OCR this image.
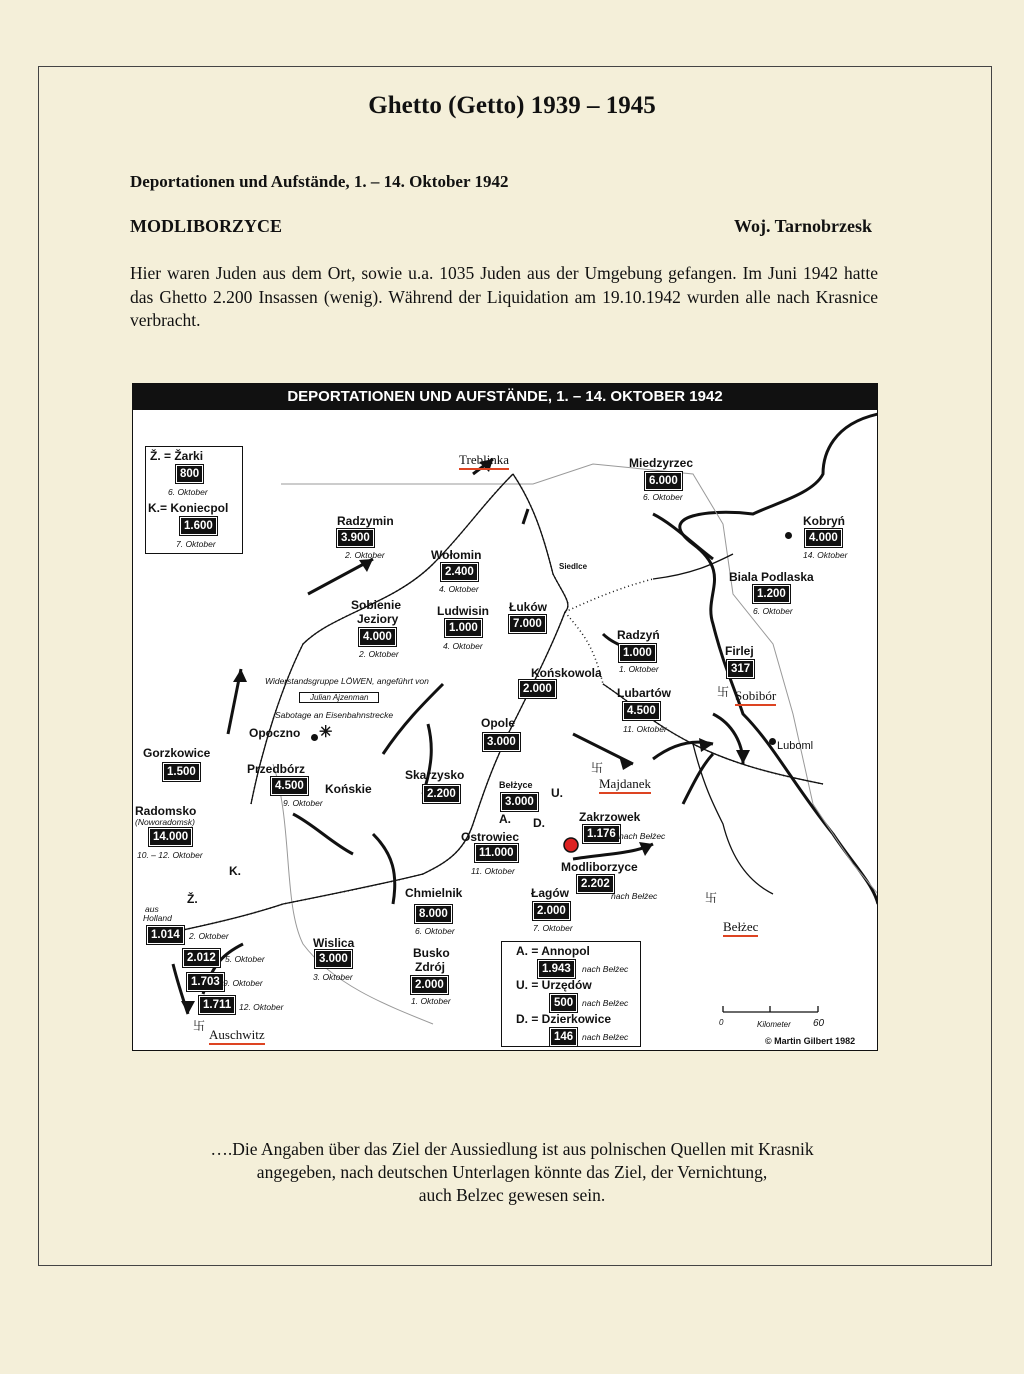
Ghetto (Getto) 1939 – 1945
Deportationen und Aufstände, 1. – 14. Oktober 1942
MODLIBORZYCE	Woj. Tarnobrzesk
Hier waren Juden aus dem Ort, sowie u.a. 1035 Juden aus der Umgebung gefangen. Im Juni 1942 hatte das Ghetto 2.200 Insassen (wenig). Während der Liquidation am 19.10.1942 wurden alle nach Krasnice verbracht.
DEPORTATIONEN UND AUFSTÄNDE, 1. – 14. OKTOBER 1942
Ž. = Žarki
800
6. Oktober
K.= Koniecpol
1.600
7. Oktober
A. = Annopol
1.943	nach Bełżec
U. = Urzędów
500	nach Bełżec
D. = Dzierkowice
146	nach Bełżec
0	Kilometer 60
© Martin Gilbert 1982
Widerstandsgruppe LÖWEN, angeführt von
Julian Ajzenman
Sabotage an Eisenbahnstrecke
Treblinka
Sobibór
Majdanek
Bełżec
Auschwitz
卐
卐
卐
卐
Miedzyrzec
6.000
6. Oktober
Kobryń
4.000
14. Oktober
Biala Podlaska
1.200
6. Oktober
Radzymin
3.900
2. Oktober	Wołomin
2.400
4. Oktober
Siedlce
Sobienie
Jeziory
4.000
2. Oktober
Ludwisin
1.000
4. Oktober
Łuków
7.000
Radzyń
1.000
1. Oktober
Firlej
317
Końskowola
2.000	Lubartów
4.500
11. Oktober
Opole
3.000	Luboml
Opoczno ✳
Gorzkowice
1.500	Przedbórz
4.500
9. Oktober
Końskie
Skarzysko
2.200
Bełżyce
3.000
U.
A. D.	Zakrzowek
1.176 nach Bełżec
Radomsko
(Noworadomsk)
14.000
10. – 12. Oktober
Ostrowiec
11.000
11. Oktober	Modliborzyce
2.202
nach Bełżec
K.
Ž.	Chmielnik
8.000
6. Oktober
Łagów
2.000
7. Oktober
aus
Holland
1.014	2. Oktober
2.012	5. Oktober
1.703 9. Oktober
1.711 12. Oktober
Wislica
3.000
3. Oktober
Busko
Zdrój
2.000
1. Oktober
….Die Angaben über das Ziel der Aussiedlung ist aus polnischen Quellen mit Krasnik
angegeben, nach deutschen Unterlagen könnte das Ziel, der Vernichtung,
auch Belzec gewesen sein.
